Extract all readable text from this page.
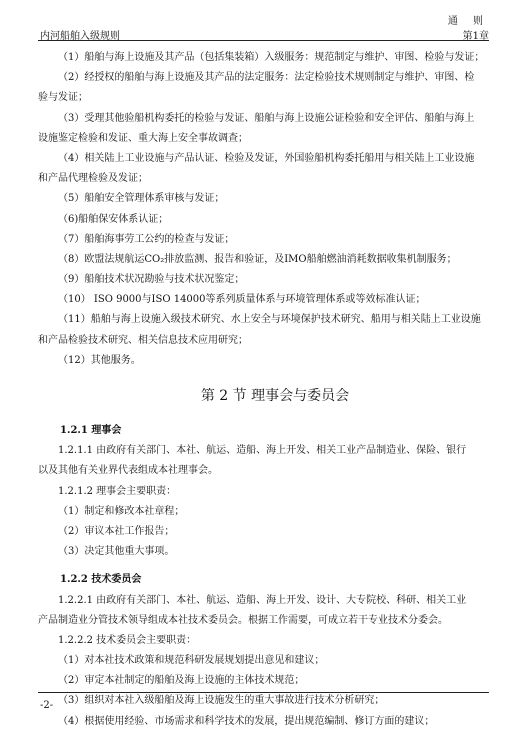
通 则
内河船舶入级规则	第1章
（1）船舶与海上设施及其产品（包括集装箱）入级服务：规范制定与维护、审图、检验与发证；
（2）经授权的船舶与海上设施及其产品的法定服务：法定检验技术规则制定与维护、审图、检
验与发证；
（3）受理其他验船机构委托的检验与发证、船舶与海上设施公证检验和安全评估、船舶与海上
设施鉴定检验和发证、重大海上安全事故调查；
（4）相关陆上工业设施与产品认证、检验及发证，外国验船机构委托船用与相关陆上工业设施
和产品代理检验及发证；
（5）船舶安全管理体系审核与发证；
（6)船舶保安体系认证；
（7）船舶海事劳工公约的检查与发证；
（8）欧盟法规航运CO₂排放监测、报告和验证，及IMO船舶燃油消耗数据收集机制服务；
（9）船舶技术状况勘验与技术状况鉴定；
（10） ISO 9000与ISO 14000等系列质量体系与环境管理体系或等效标准认证；
（11）船舶与海上设施入级技术研究、水上安全与环境保护技术研究、船用与相关陆上工业设施
和产品检验技术研究、相关信息技术应用研究；
（12）其他服务。
第 2 节 理事会与委员会
1.2.1 理事会
1.2.1.1 由政府有关部门、本社、航运、造船、海上开发、相关工业产品制造业、保险、银行
以及其他有关业界代表组成本社理事会。
1.2.1.2 理事会主要职责：
（1）制定和修改本社章程；
（2）审议本社工作报告；
（3）决定其他重大事项。
1.2.2 技术委员会
1.2.2.1 由政府有关部门、本社、航运、造船、海上开发、设计、大专院校、科研、相关工业
产品制造业分管技术领导组成本社技术委员会。根据工作需要，可成立若干专业技术分委会。
1.2.2.2 技术委员会主要职责：
（1）对本社技术政策和规范科研发展规划提出意见和建议；
（2）审定本社制定的船舶及海上设施的主体技术规范；
（3）组织对本社入级船舶及海上设施发生的重大事故进行技术分析研究；
（4）根据使用经验、市场需求和科学技术的发展，提出规范编制、修订方面的建议；
-2-
